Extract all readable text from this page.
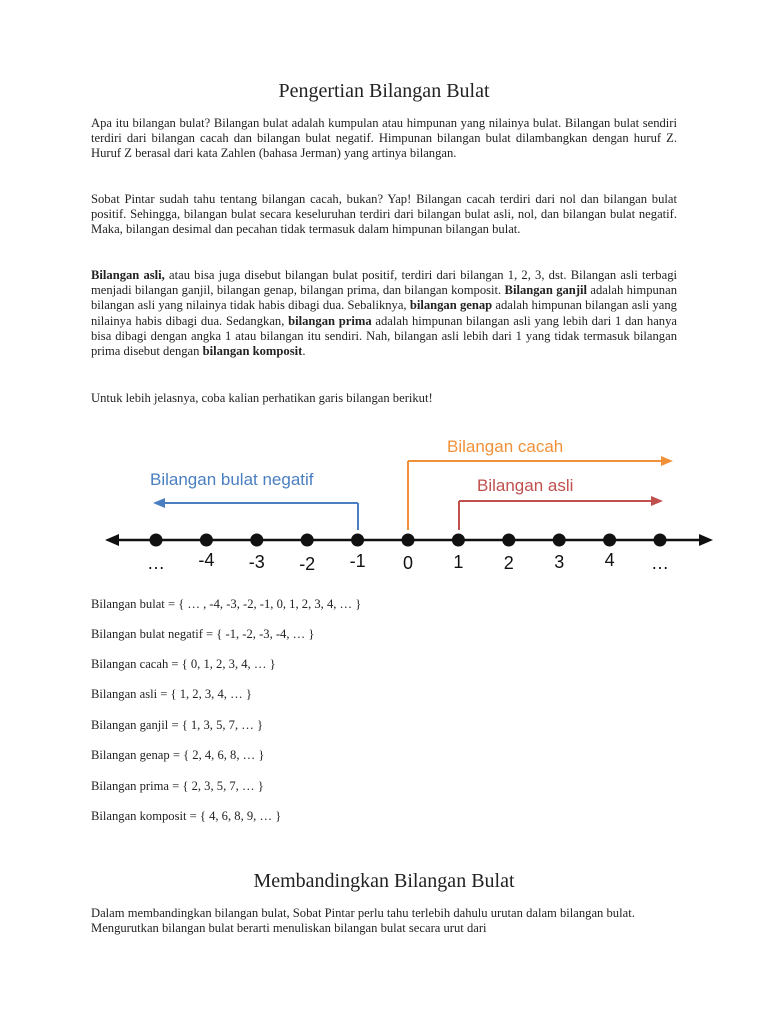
Pengertian Bilangan Bulat

Apa itu bilangan bulat? Bilangan bulat adalah kumpulan atau himpunan yang nilainya bulat. Bilangan bulat sendiri terdiri dari bilangan cacah dan bilangan bulat negatif. Himpunan bilangan bulat dilambangkan dengan huruf Z. Huruf Z berasal dari kata Zahlen (bahasa Jerman) yang artinya bilangan.

Sobat Pintar sudah tahu tentang bilangan cacah, bukan? Yap! Bilangan cacah terdiri dari nol dan bilangan bulat positif. Sehingga, bilangan bulat secara keseluruhan terdiri dari bilangan bulat asli, nol, dan bilangan bulat negatif. Maka, bilangan desimal dan pecahan tidak termasuk dalam himpunan bilangan bulat.

Bilangan asli, atau bisa juga disebut bilangan bulat positif, terdiri dari bilangan 1, 2, 3, dst. Bilangan asli terbagi menjadi bilangan ganjil, bilangan genap, bilangan prima, dan bilangan komposit. Bilangan ganjil adalah himpunan bilangan asli yang nilainya tidak habis dibagi dua. Sebaliknya, bilangan genap adalah himpunan bilangan asli yang nilainya habis dibagi dua. Sedangkan, bilangan prima adalah himpunan bilangan asli yang lebih dari 1 dan hanya bisa dibagi dengan angka 1 atau bilangan itu sendiri. Nah, bilangan asli lebih dari 1 yang tidak termasuk bilangan prima disebut dengan bilangan komposit.

Untuk lebih jelasnya, coba kalian perhatikan garis bilangan berikut!

Bilangan bulat negatif
Bilangan cacah
Bilangan asli
… -4 -3 -2 -1 0 1 2 3 4 …

Bilangan bulat = { … , -4, -3, -2, -1, 0, 1, 2, 3, 4, … }

Bilangan bulat negatif = { -1, -2, -3, -4, … }

Bilangan cacah = { 0, 1, 2, 3, 4, … }

Bilangan asli = { 1, 2, 3, 4, … }

Bilangan ganjil = { 1, 3, 5, 7, … }

Bilangan genap = { 2, 4, 6, 8, … }

Bilangan prima = { 2, 3, 5, 7, … }

Bilangan komposit = { 4, 6, 8, 9, … }

Membandingkan Bilangan Bulat

Dalam membandingkan bilangan bulat, Sobat Pintar perlu tahu terlebih dahulu urutan dalam bilangan bulat. Mengurutkan bilangan bulat berarti menuliskan bilangan bulat secara urut dari
